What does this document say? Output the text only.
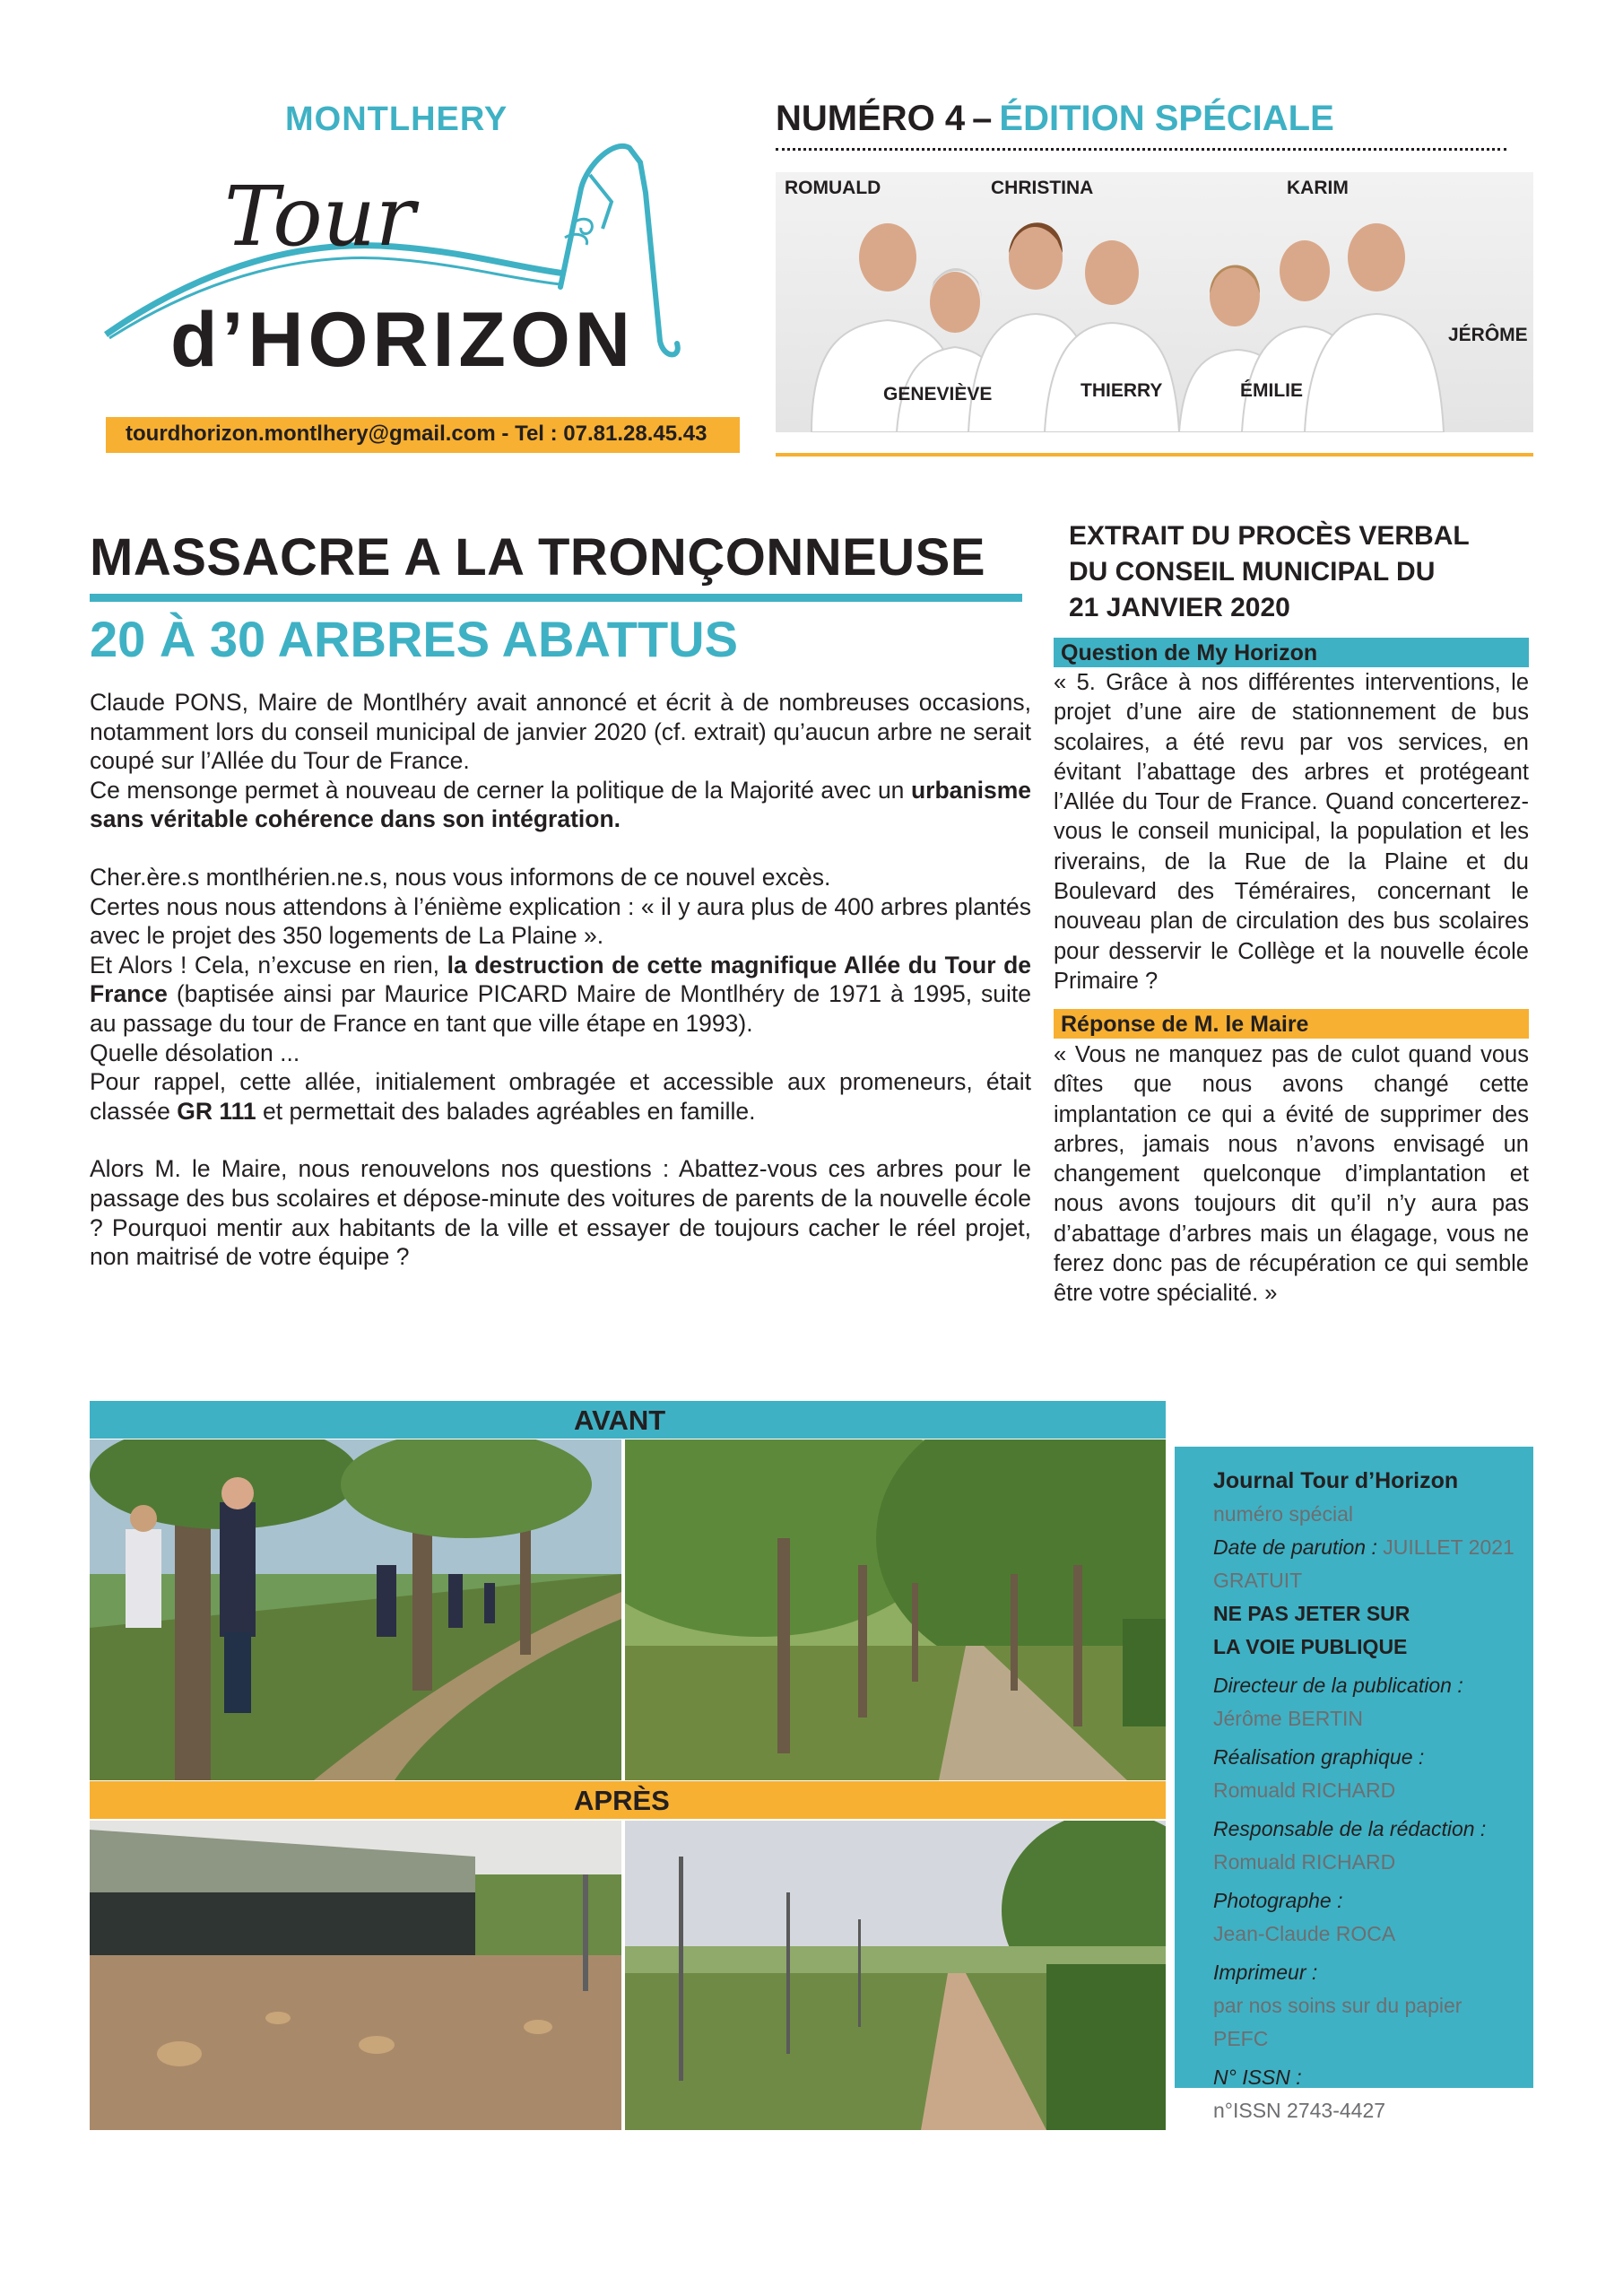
MONTLHERY
Tour
d’HORIZON
tourdhorizon.montlhery@gmail.com - Tel : 07.81.28.45.43
NUMÉRO 4 – ÉDITION SPÉCIALE
ROMUALD	CHRISTINA	KARIM
JÉRÔME
GENEVIÈVE	THIERRY	ÉMILIE
MASSACRE A LA TRONÇONNEUSE
20 À 30 ARBRES ABATTUS

Claude PONS, Maire de Montlhéry avait annoncé et écrit à de nombreuses occasions, notamment lors du conseil municipal de janvier 2020 (cf. extrait) qu’aucun arbre ne serait coupé sur l’Allée du Tour de France.

Ce mensonge permet à nouveau de cerner la politique de la Majorité avec un urbanisme sans véritable cohérence dans son intégration.

Cher.ère.s montlhérien.ne.s, nous vous informons de ce nouvel excès.

Certes nous nous attendons à l’énième explication : « il y aura plus de 400 arbres plantés avec le projet des 350 logements de La Plaine ».

Et Alors ! Cela, n’excuse en rien, la destruction de cette magnifique Allée du Tour de France (baptisée ainsi par Maurice PICARD Maire de Montlhéry de 1971 à 1995, suite au passage du tour de France en tant que ville étape en 1993).

Quelle désolation ...

Pour rappel, cette allée, initialement ombragée et accessible aux promeneurs, était classée GR 111 et permettait des balades agréables en famille.

Alors M. le Maire, nous renouvelons nos questions : Abattez-vous ces arbres pour le passage des bus scolaires et dépose-minute des voitures de parents de la nouvelle école ? Pourquoi mentir aux habitants de la ville et essayer de toujours cacher le réel projet, non maitrisé de votre équipe ?

EXTRAIT DU PROCÈS VERBAL
DU CONSEIL MUNICIPAL DU
21 JANVIER 2020
Question de My Horizon
« 5. Grâce à nos différentes interventions, le projet d’une aire de stationnement de bus scolaires, a été revu par vos services, en évitant l’abattage des arbres et protégeant l’Allée du Tour de France. Quand concerterez-vous le conseil municipal, la population et les riverains, de la Rue de la Plaine et du Boulevard des Téméraires, concernant le nouveau plan de circulation des bus scolaires pour desservir le Collège et la nouvelle école Primaire ?
Réponse de M. le Maire
« Vous ne manquez pas de culot quand vous dîtes que nous avons changé cette implantation ce qui a évité de supprimer des arbres, jamais nous n’avons envisagé un changement quelconque d’implantation et nous avons toujours dit qu’il n’y aura pas d’abattage d’arbres mais un élagage, vous ne ferez donc pas de récupération ce qui semble être votre spécialité. »
AVANT
APRÈS
Journal Tour d’Horizon
numéro spécial
Date de parution : JUILLET 2021
GRATUIT
NE PAS JETER SUR
LA VOIE PUBLIQUE
Directeur de la publication :
Jérôme BERTIN
Réalisation graphique :
Romuald RICHARD
Responsable de la rédaction :
Romuald RICHARD
Photographe :
Jean-Claude ROCA
Imprimeur :
par nos soins sur du papier PEFC
N° ISSN :
n°ISSN 2743-4427
